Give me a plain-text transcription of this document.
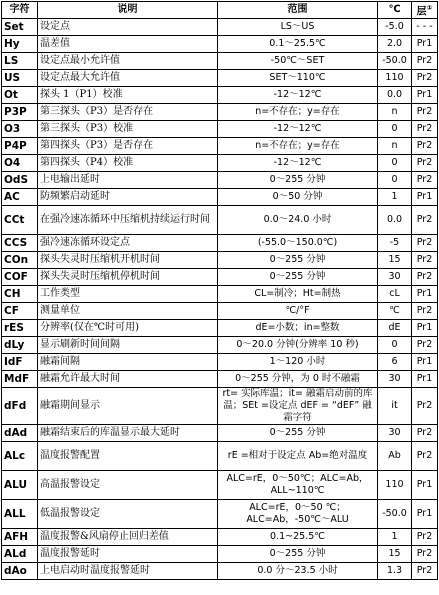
字符	说明	范围	℃	层①
Set	设定点	LS～US	-5.0	- - -
Hy	温差值	0.1～25.5℃	2.0	Pr1
LS	设定点最小允许值	-50℃～SET	-50.0	Pr2
US	设定点最大允许值	SET～110℃	110	Pr2
Ot	探头 1（P1）校准	-12～12℃	0.0	Pr1
P3P	第三探头（P3）是否存在	n=不存在；y=存在	n	Pr2
O3	第三探头（P3）校准	-12～12℃	0	Pr2
P4P	第四探头（P3）是否存在	n=不存在；y=存在	n	Pr2
O4	第四探头（P4）校准	-12～12℃	0	Pr2
OdS	上电输出延时	0～255 分钟	0	Pr2
AC	防频繁启动延时	0～50 分钟	1	Pr1
CCt	在强冷速冻循环中压缩机持续运行时间	0.0～24.0 小时	0.0	Pr2
CCS	强冷速冻循环设定点	(-55.0～150.0℃)	-5	Pr2
COn	探头失灵时压缩机开机时间	0～255 分钟	15	Pr2
COF	探头失灵时压缩机停机时间	0～255 分钟	30	Pr2
CH	工作类型	CL=制冷；Ht=制热	cL	Pr1
CF	测量单位	℃/°F	℃	Pr2
rES	分辨率(仅在℃时可用)	dE=小数；in=整数	dE	Pr1
dLy	显示刷新时间间隔	0～20.0 分钟(分辨率 10 秒)	0	Pr2
IdF	融霜间隔	1～120 小时	6	Pr1
MdF	融霜允许最大时间	0～255 分钟，为 0 时不融霜	30	Pr1
dFd	融霜期间显示	rt= 实际库温；it= 融霜启动前的库温；SEt =设定点 dEF = “dEF” 融霜字符	it	Pr2
dAd	融霜结束后的库温显示最大延时	0～255 分钟	30	Pr2
ALc	温度报警配置	rE =相对于设定点 Ab=绝对温度	Ab	Pr2
ALU	高温报警设定	ALC=rE，0～50℃；ALC=Ab，ALL~110℃	110	Pr1
ALL	低温报警设定	ALC=rE，0～50 ℃；ALC=Ab，-50℃～ALU	-50.0	Pr1
AFH	温度报警&风扇停止回归差值	0.1~25.5℃	1	Pr2
ALd	温度报警延时	0～255 分钟	15	Pr2
dAo	上电启动时温度报警延时	0.0 分～23.5 小时	1.3	Pr2
